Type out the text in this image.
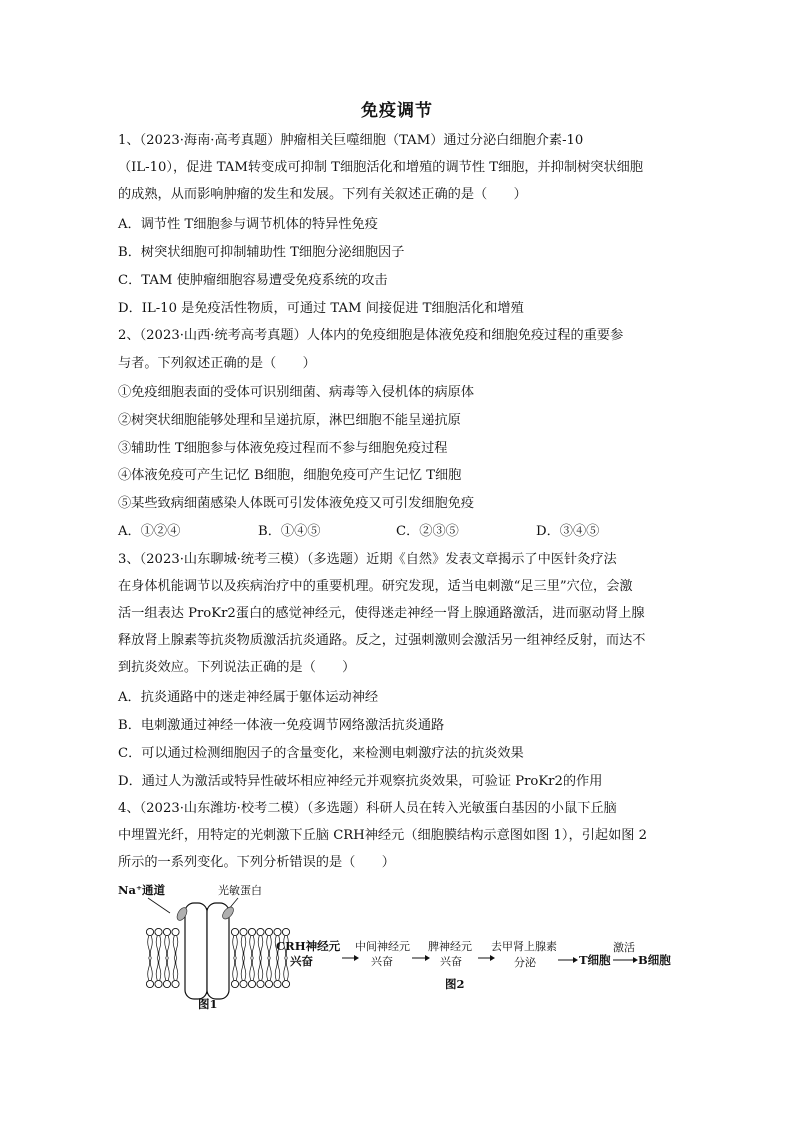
免疫调节
1、（2023·海南·高考真题）肿瘤相关巨噬细胞（TAM）通过分泌白细胞介素-10
（IL-10），促进 TAM转变成可抑制 T细胞活化和增殖的调节性 T细胞，并抑制树突状细胞
的成熟，从而影响肿瘤的发生和发展。下列有关叙述正确的是（　　）
A．调节性 T细胞参与调节机体的特异性免疫
B．树突状细胞可抑制辅助性 T细胞分泌细胞因子
C．TAM 使肿瘤细胞容易遭受免疫系统的攻击
D．IL-10 是免疫活性物质，可通过 TAM 间接促进 T细胞活化和增殖
2、（2023·山西·统考高考真题）人体内的免疫细胞是体液免疫和细胞免疫过程的重要参
与者。下列叙述正确的是（　　）
①免疫细胞表面的受体可识别细菌、病毒等入侵机体的病原体
②树突状细胞能够处理和呈递抗原，淋巴细胞不能呈递抗原
③辅助性 T细胞参与体液免疫过程而不参与细胞免疫过程
④体液免疫可产生记忆 B细胞，细胞免疫可产生记忆 T细胞
⑤某些致病细菌感染人体既可引发体液免疫又可引发细胞免疫
A．①②④	B．①④⑤	C．②③⑤	D．③④⑤
3、（2023·山东聊城·统考三模）（多选题）近期《自然》发表文章揭示了中医针灸疗法
在身体机能调节以及疾病治疗中的重要机理。研究发现，适当电刺激“足三里”穴位，会激
活一组表达 ProKr2蛋白的感觉神经元，使得迷走神经一肾上腺通路激活，进而驱动肾上腺
释放肾上腺素等抗炎物质激活抗炎通路。反之，过强刺激则会激活另一组神经反射，而达不
到抗炎效应。下列说法正确的是（　　）
A．抗炎通路中的迷走神经属于躯体运动神经
B．电刺激通过神经一体液一免疫调节网络激活抗炎通路
C．可以通过检测细胞因子的含量变化，来检测电刺激疗法的抗炎效果
D．通过人为激活或特异性破坏相应神经元并观察抗炎效果，可验证 ProKr2的作用
4、（2023·山东潍坊·校考二模）（多选题）科研人员在转入光敏蛋白基因的小鼠下丘脑
中埋置光纤，用特定的光刺激下丘脑 CRH神经元（细胞膜结构示意图如图 1），引起如图 2
所示的一系列变化。下列分析错误的是（　　）
Na⁺通道	光敏蛋白
图1
CRH神经元
兴奋
中间神经元
兴奋
脾神经元
兴奋
去甲肾上腺素
分泌	T细胞
激活
B细胞
图2
